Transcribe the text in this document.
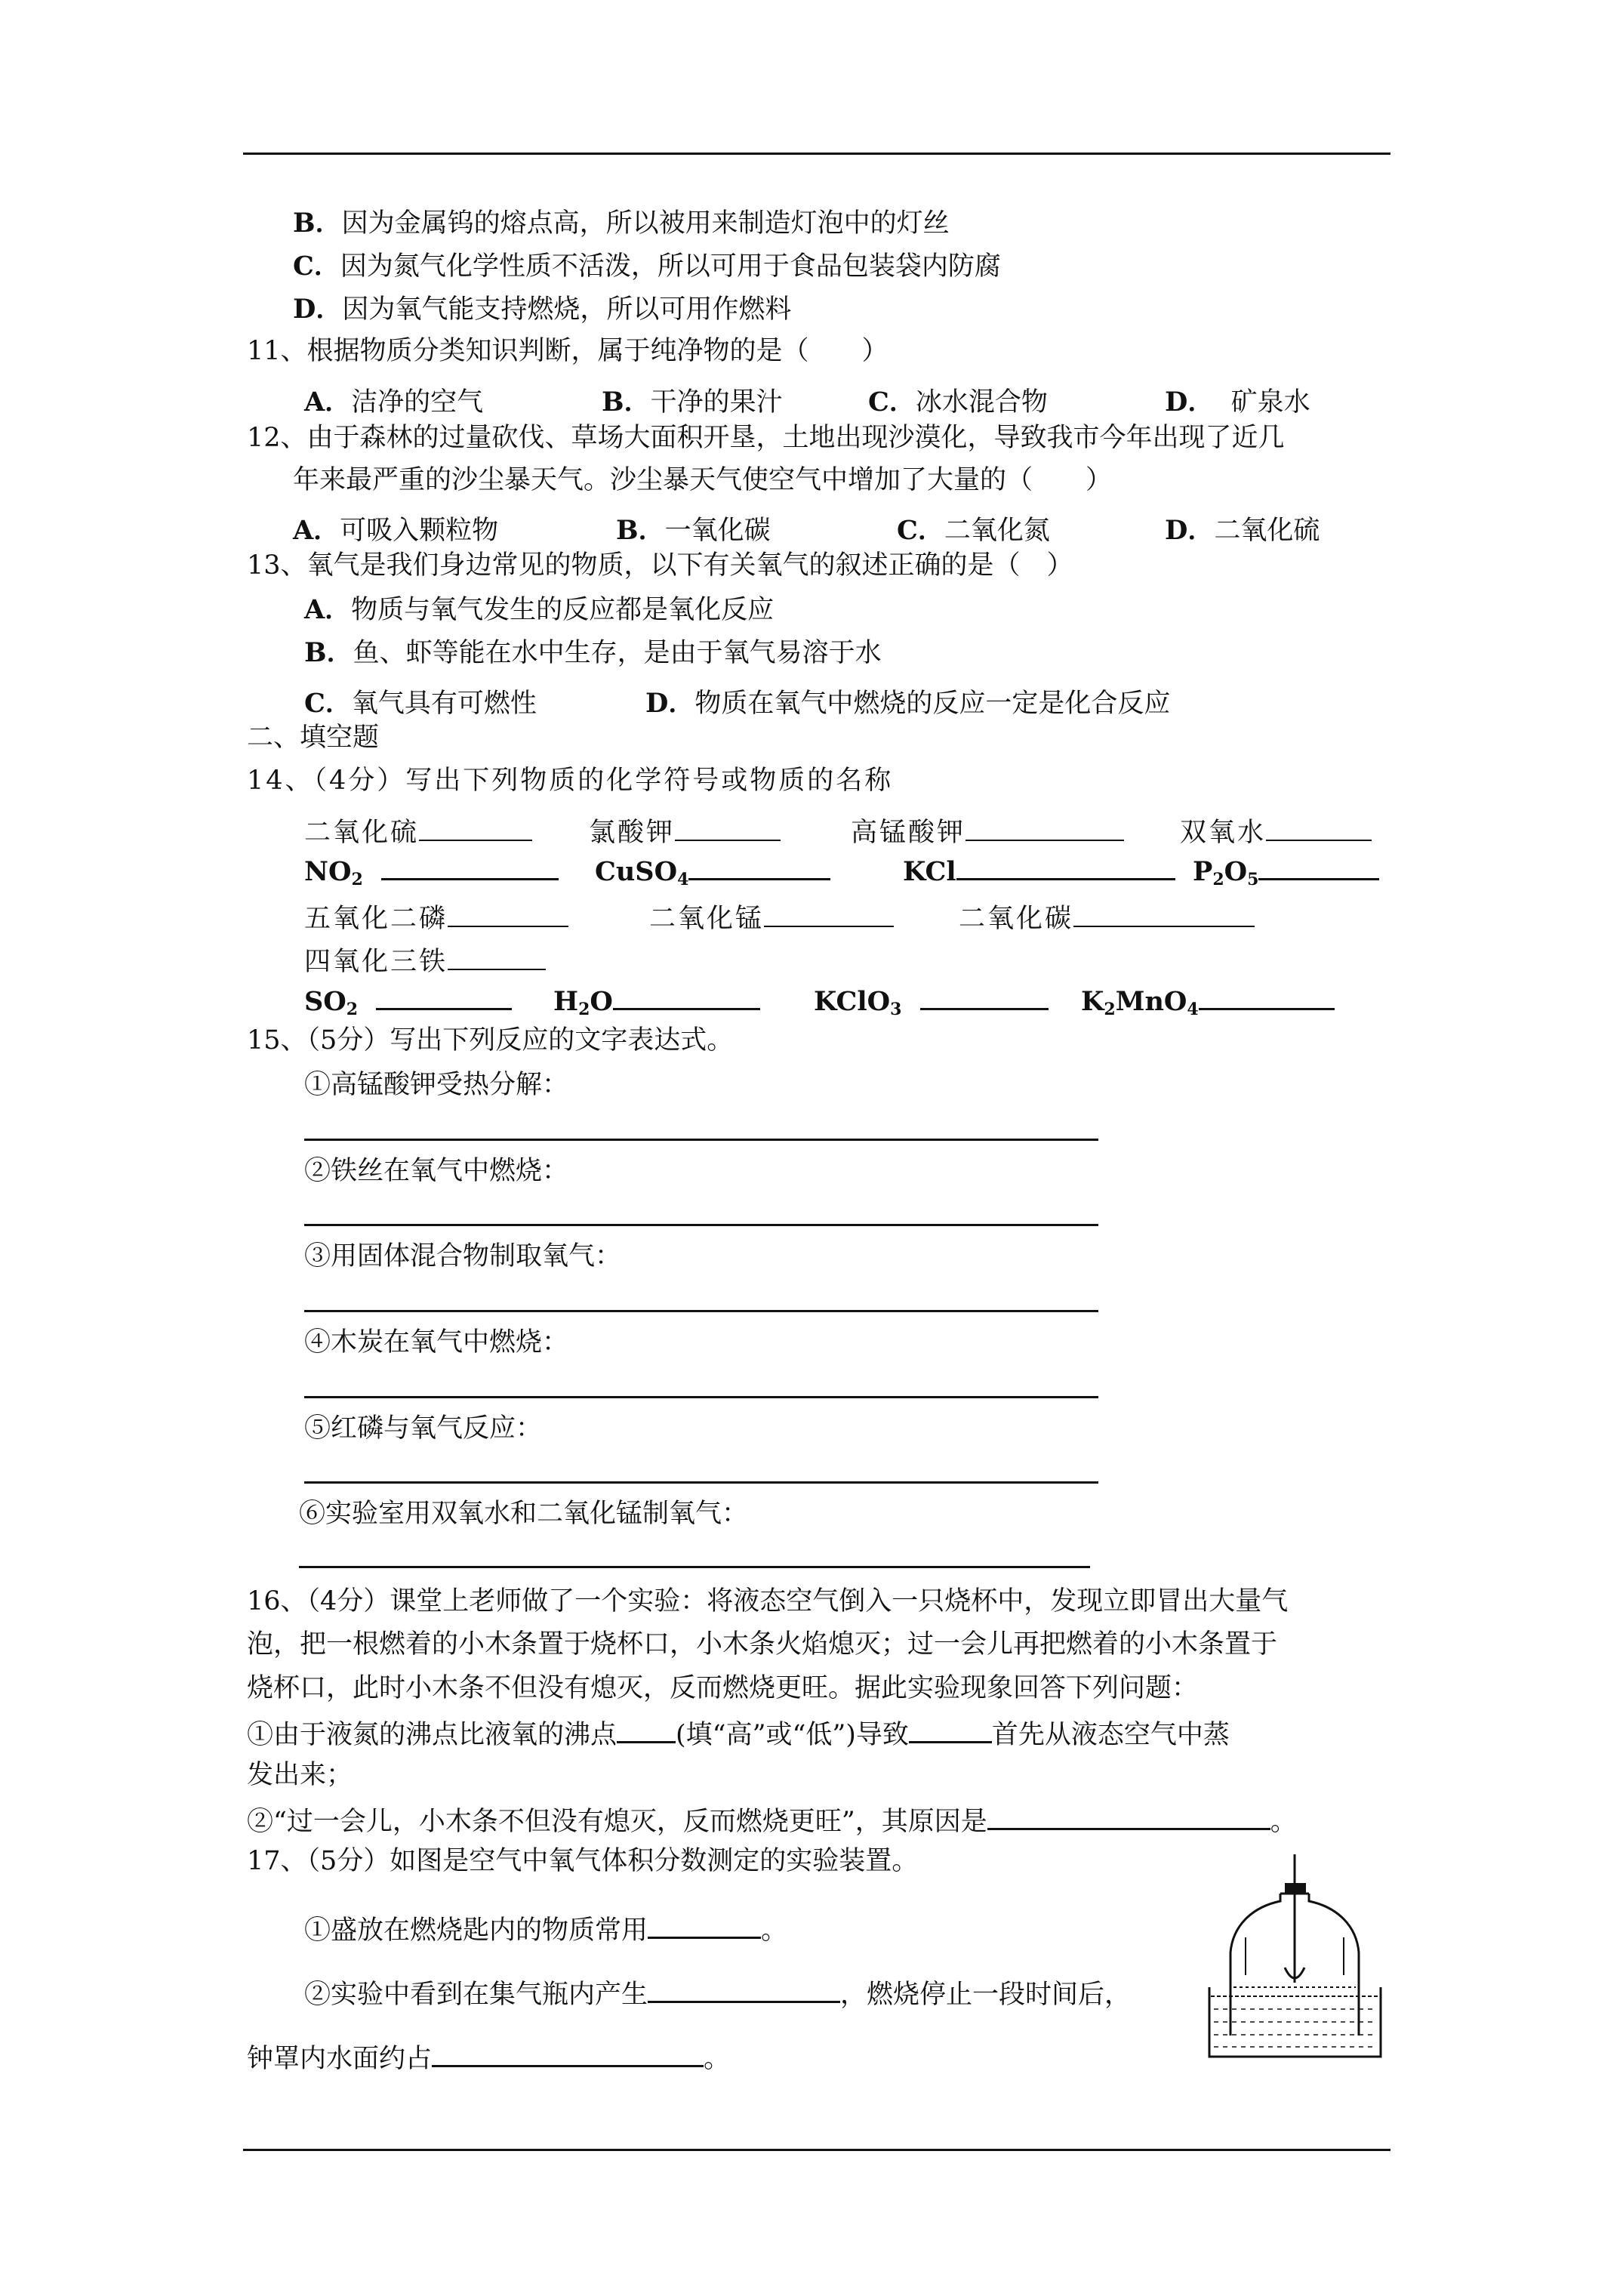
B．因为金属钨的熔点高，所以被用来制造灯泡中的灯丝
C．因为氮气化学性质不活泼，所以可用于食品包装袋内防腐
D．因为氧气能支持燃烧，所以可用作燃料
11、根据物质分类知识判断，属于纯净物的是（　　）
A．洁净的空气	B．干净的果汁	C．冰水混合物	D． 矿泉水
12、由于森林的过量砍伐、草场大面积开垦，土地出现沙漠化，导致我市今年出现了近几
年来最严重的沙尘暴天气。沙尘暴天气使空气中增加了大量的（　　）
A．可吸入颗粒物	B．一氧化碳	C．二氧化氮	D．二氧化硫
13、氧气是我们身边常见的物质，以下有关氧气的叙述正确的是（　）
A．物质与氧气发生的反应都是氧化反应
B．鱼、虾等能在水中生存，是由于氧气易溶于水
C．氧气具有可燃性	D．物质在氧气中燃烧的反应一定是化合反应
二、填空题
14、（4分）写出下列物质的化学符号或物质的名称
二氧化硫	氯酸钾	高锰酸钾	双氧水
$NO_2$	CuSO$_4$	KCl	$P_2O_5$
五氧化二磷	二氧化锰	二氧化碳
四氧化三铁
$SO_2$	$H_2O$	KClO$_3$	$K_2MnO_4$
15、（5分）写出下列反应的文字表达式。
①高锰酸钾受热分解：
②铁丝在氧气中燃烧：
③用固体混合物制取氧气：
④木炭在氧气中燃烧：
⑤红磷与氧气反应：
⑥实验室用双氧水和二氧化锰制氧气：
16、（4分）课堂上老师做了一个实验：将液态空气倒入一只烧杯中，发现立即冒出大量气
泡，把一根燃着的小木条置于烧杯口，小木条火焰熄灭；过一会儿再把燃着的小木条置于
烧杯口，此时小木条不但没有熄灭，反而燃烧更旺。据此实验现象回答下列问题：
①由于液氮的沸点比液氧的沸点 (填“高”或“低”)导致	首先从液态空气中蒸
发出来；
②“过一会儿，小木条不但没有熄灭，反而燃烧更旺”，其原因是	。
17、（5分）如图是空气中氧气体积分数测定的实验装置。
①盛放在燃烧匙内的物质常用	。
②实验中看到在集气瓶内产生	，燃烧停止一段时间后，
钟罩内水面约占	。
